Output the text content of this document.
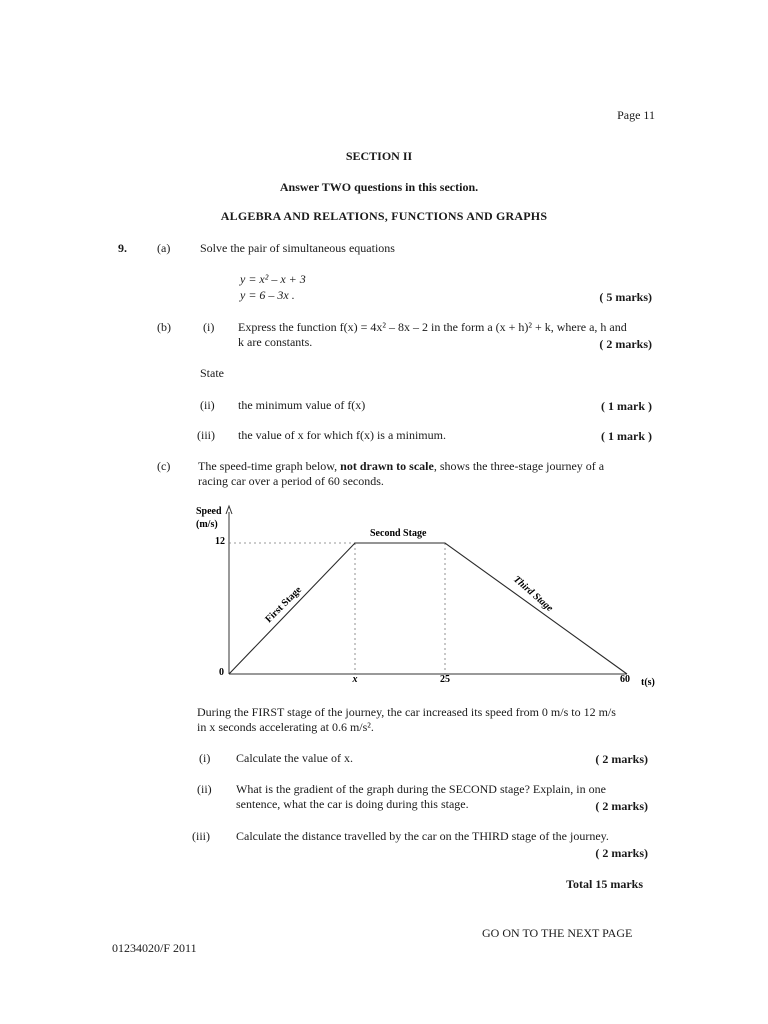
Page 11
SECTION II
Answer TWO questions in this section.
ALGEBRA AND RELATIONS, FUNCTIONS AND GRAPHS
9.	(a) Solve the pair of simultaneous equations
y = x² – x + 3
y = 6 – 3x .	( 5 marks)
(b)	(i) Express the function f(x) = 4x² – 8x – 2 in the form a (x + h)² + k, where a, h and
k are constants.	( 2 marks)
State
(ii) the minimum value of f(x)	( 1 mark )
(iii) the value of x for which f(x) is a minimum.	( 1 mark )
(c) The speed-time graph below, not drawn to scale, shows the three-stage journey of a
racing car over a period of 60 seconds.
Speed
(m/s)
12
0
x	25	60 t(s)
First Stage
Second Stage
Third Stage
During the FIRST stage of the journey, the car increased its speed from 0 m/s to 12 m/s
in x seconds accelerating at 0.6 m/s².
(i) Calculate the value of x.	( 2 marks)
(ii) What is the gradient of the graph during the SECOND stage? Explain, in one
sentence, what the car is doing during this stage.	( 2 marks)
(iii) Calculate the distance travelled by the car on the THIRD stage of the journey.
( 2 marks)
Total 15 marks
GO ON TO THE NEXT PAGE
01234020/F 2011
